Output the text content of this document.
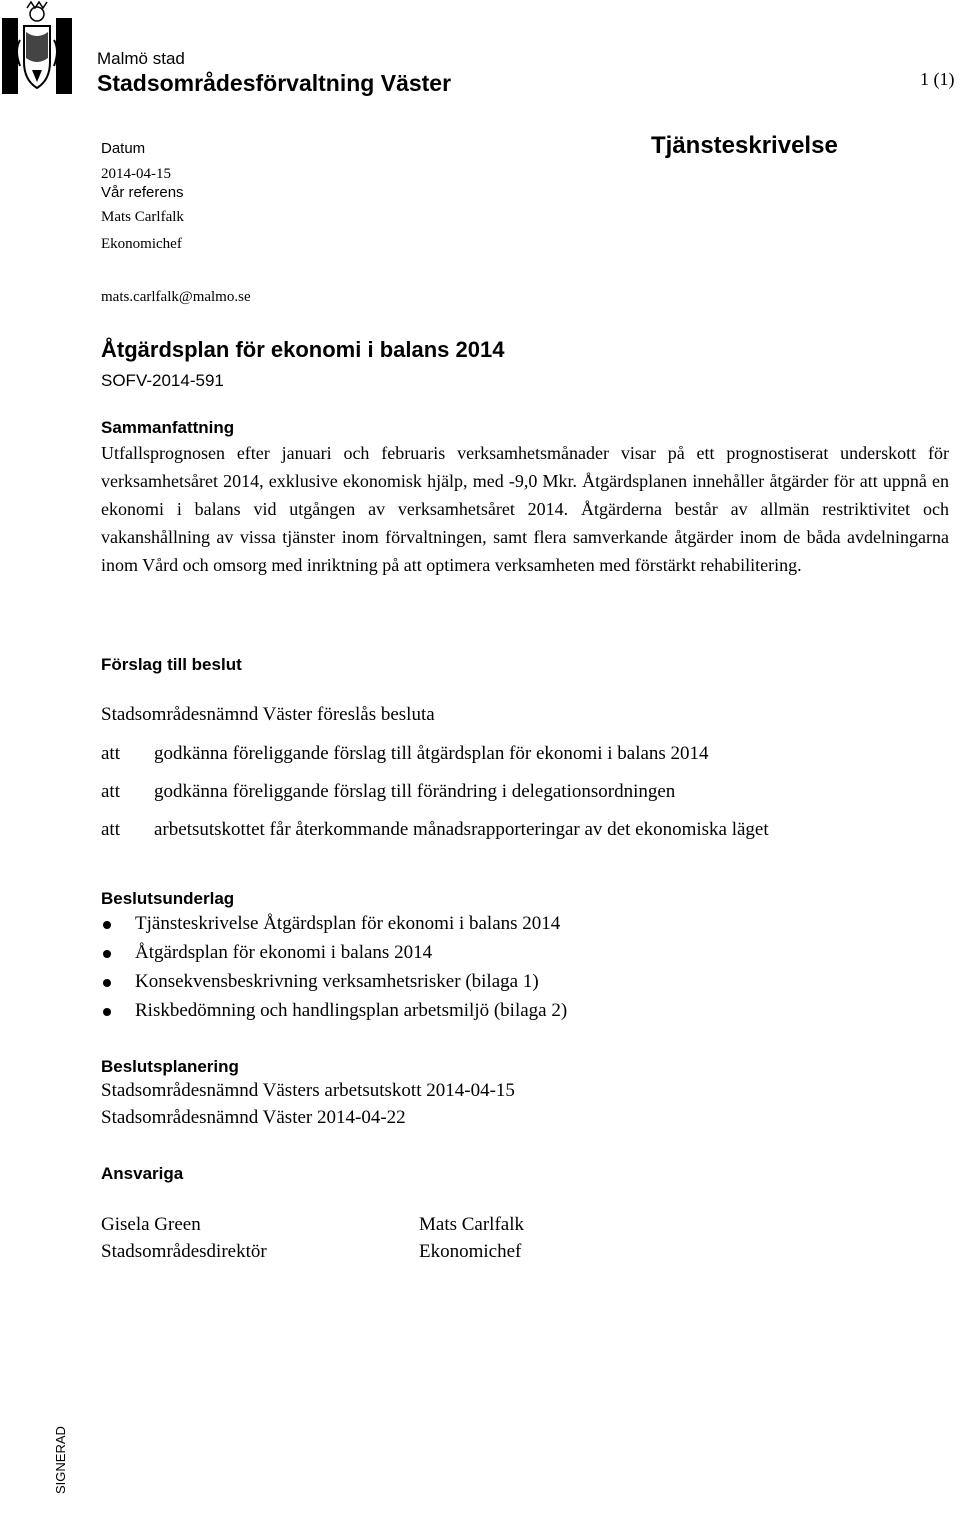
Malmö stad
Stadsområdesförvaltning Väster	1 (1)
Datum
2014-04-15
Vår referens
Mats Carlfalk
Ekonomichef
mats.carlfalk@malmo.se
Tjänsteskrivelse
Åtgärdsplan för ekonomi i balans 2014
SOFV-2014-591
Sammanfattning
Utfallsprognosen efter januari och februaris verksamhetsmånader visar på ett prognostiserat underskott för verksamhetsåret 2014, exklusive ekonomisk hjälp, med -9,0 Mkr. Åtgärdsplanen innehåller åtgärder för att uppnå en ekonomi i balans vid utgången av verksamhetsåret 2014. Åtgärderna består av allmän restriktivitet och vakanshållning av vissa tjänster inom förvaltningen, samt flera samverkande åtgärder inom de båda avdelningarna inom Vård och omsorg med inriktning på att optimera verksamheten med förstärkt rehabilitering.
Förslag till beslut
Stadsområdesnämnd Väster föreslås besluta
att godkänna föreliggande förslag till åtgärdsplan för ekonomi i balans 2014
att godkänna föreliggande förslag till förändring i delegationsordningen
att arbetsutskottet får återkommande månadsrapporteringar av det ekonomiska läget
Beslutsunderlag
Tjänsteskrivelse Åtgärdsplan för ekonomi i balans 2014
Åtgärdsplan för ekonomi i balans 2014
Konsekvensbeskrivning verksamhetsrisker (bilaga 1)
Riskbedömning och handlingsplan arbetsmiljö (bilaga 2)
Beslutsplanering
Stadsområdesnämnd Västers arbetsutskott 2014-04-15
Stadsområdesnämnd Väster 2014-04-22
Ansvariga
Gisela Green
Stadsområdesdirektör
Mats Carlfalk
Ekonomichef
SIGNERAD
